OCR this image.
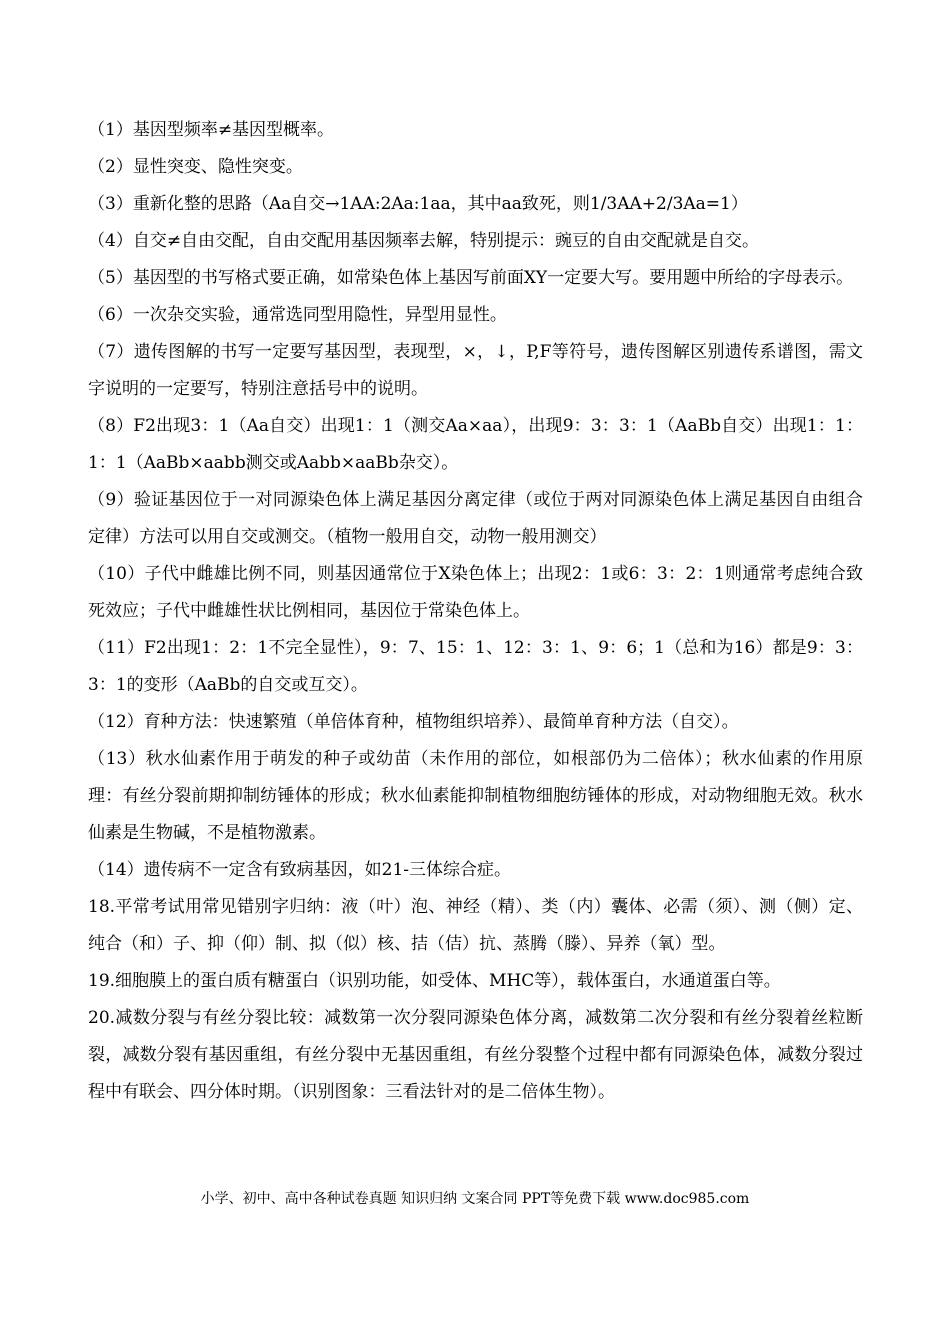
（1）基因型频率≠基因型概率。

（2）显性突变、隐性突变。

（3）重新化整的思路（Aa自交→1AA:2Aa:1aa，其中aa致死，则1/3AA+2/3Aa=1）

（4）自交≠自由交配，自由交配用基因频率去解，特别提示：豌豆的自由交配就是自交。

（5）基因型的书写格式要正确，如常染色体上基因写前面XY一定要大写。要用题中所给的字母表示。

（6）一次杂交实验，通常选同型用隐性，异型用显性。

（7）遗传图解的书写一定要写基因型，表现型，×，↓，P,F等符号，遗传图解区别遗传系谱图，需文字说明的一定要写，特别注意括号中的说明。

（8）F2出现3：1（Aa自交）出现1：1（测交Aa×aa），出现9：3：3：1（AaBb自交）出现1：1：1：1（AaBb×aabb测交或Aabb×aaBb杂交）。

（9）验证基因位于一对同源染色体上满足基因分离定律（或位于两对同源染色体上满足基因自由组合定律）方法可以用自交或测交。（植物一般用自交，动物一般用测交）

（10）子代中雌雄比例不同，则基因通常位于X染色体上；出现2：1或6：3：2：1则通常考虑纯合致死效应；子代中雌雄性状比例相同，基因位于常染色体上。

（11）F2出现1：2：1不完全显性），9：7、15：1、12：3：1、9：6；1（总和为16）都是9：3：3：1的变形（AaBb的自交或互交）。

（12）育种方法：快速繁殖（单倍体育种，植物组织培养）、最简单育种方法（自交）。

（13）秋水仙素作用于萌发的种子或幼苗（未作用的部位，如根部仍为二倍体）；秋水仙素的作用原理：有丝分裂前期抑制纺锤体的形成；秋水仙素能抑制植物细胞纺锤体的形成，对动物细胞无效。秋水仙素是生物碱，不是植物激素。

（14）遗传病不一定含有致病基因，如21-三体综合症。

18.平常考试用常见错别字归纳：液（叶）泡、神经（精）、类（内）囊体、必需（须）、测（侧）定、纯合（和）子、抑（仰）制、拟（似）核、拮（佶）抗、蒸腾（滕）、异养（氧）型。

19.细胞膜上的蛋白质有糖蛋白（识别功能，如受体、MHC等），载体蛋白，水通道蛋白等。

20.减数分裂与有丝分裂比较：减数第一次分裂同源染色体分离，减数第二次分裂和有丝分裂着丝粒断裂，减数分裂有基因重组，有丝分裂中无基因重组，有丝分裂整个过程中都有同源染色体，减数分裂过程中有联会、四分体时期。（识别图象：三看法针对的是二倍体生物）。

小学、初中、高中各种试卷真题 知识归纳 文案合同 PPT等免费下载 www.doc985.com
